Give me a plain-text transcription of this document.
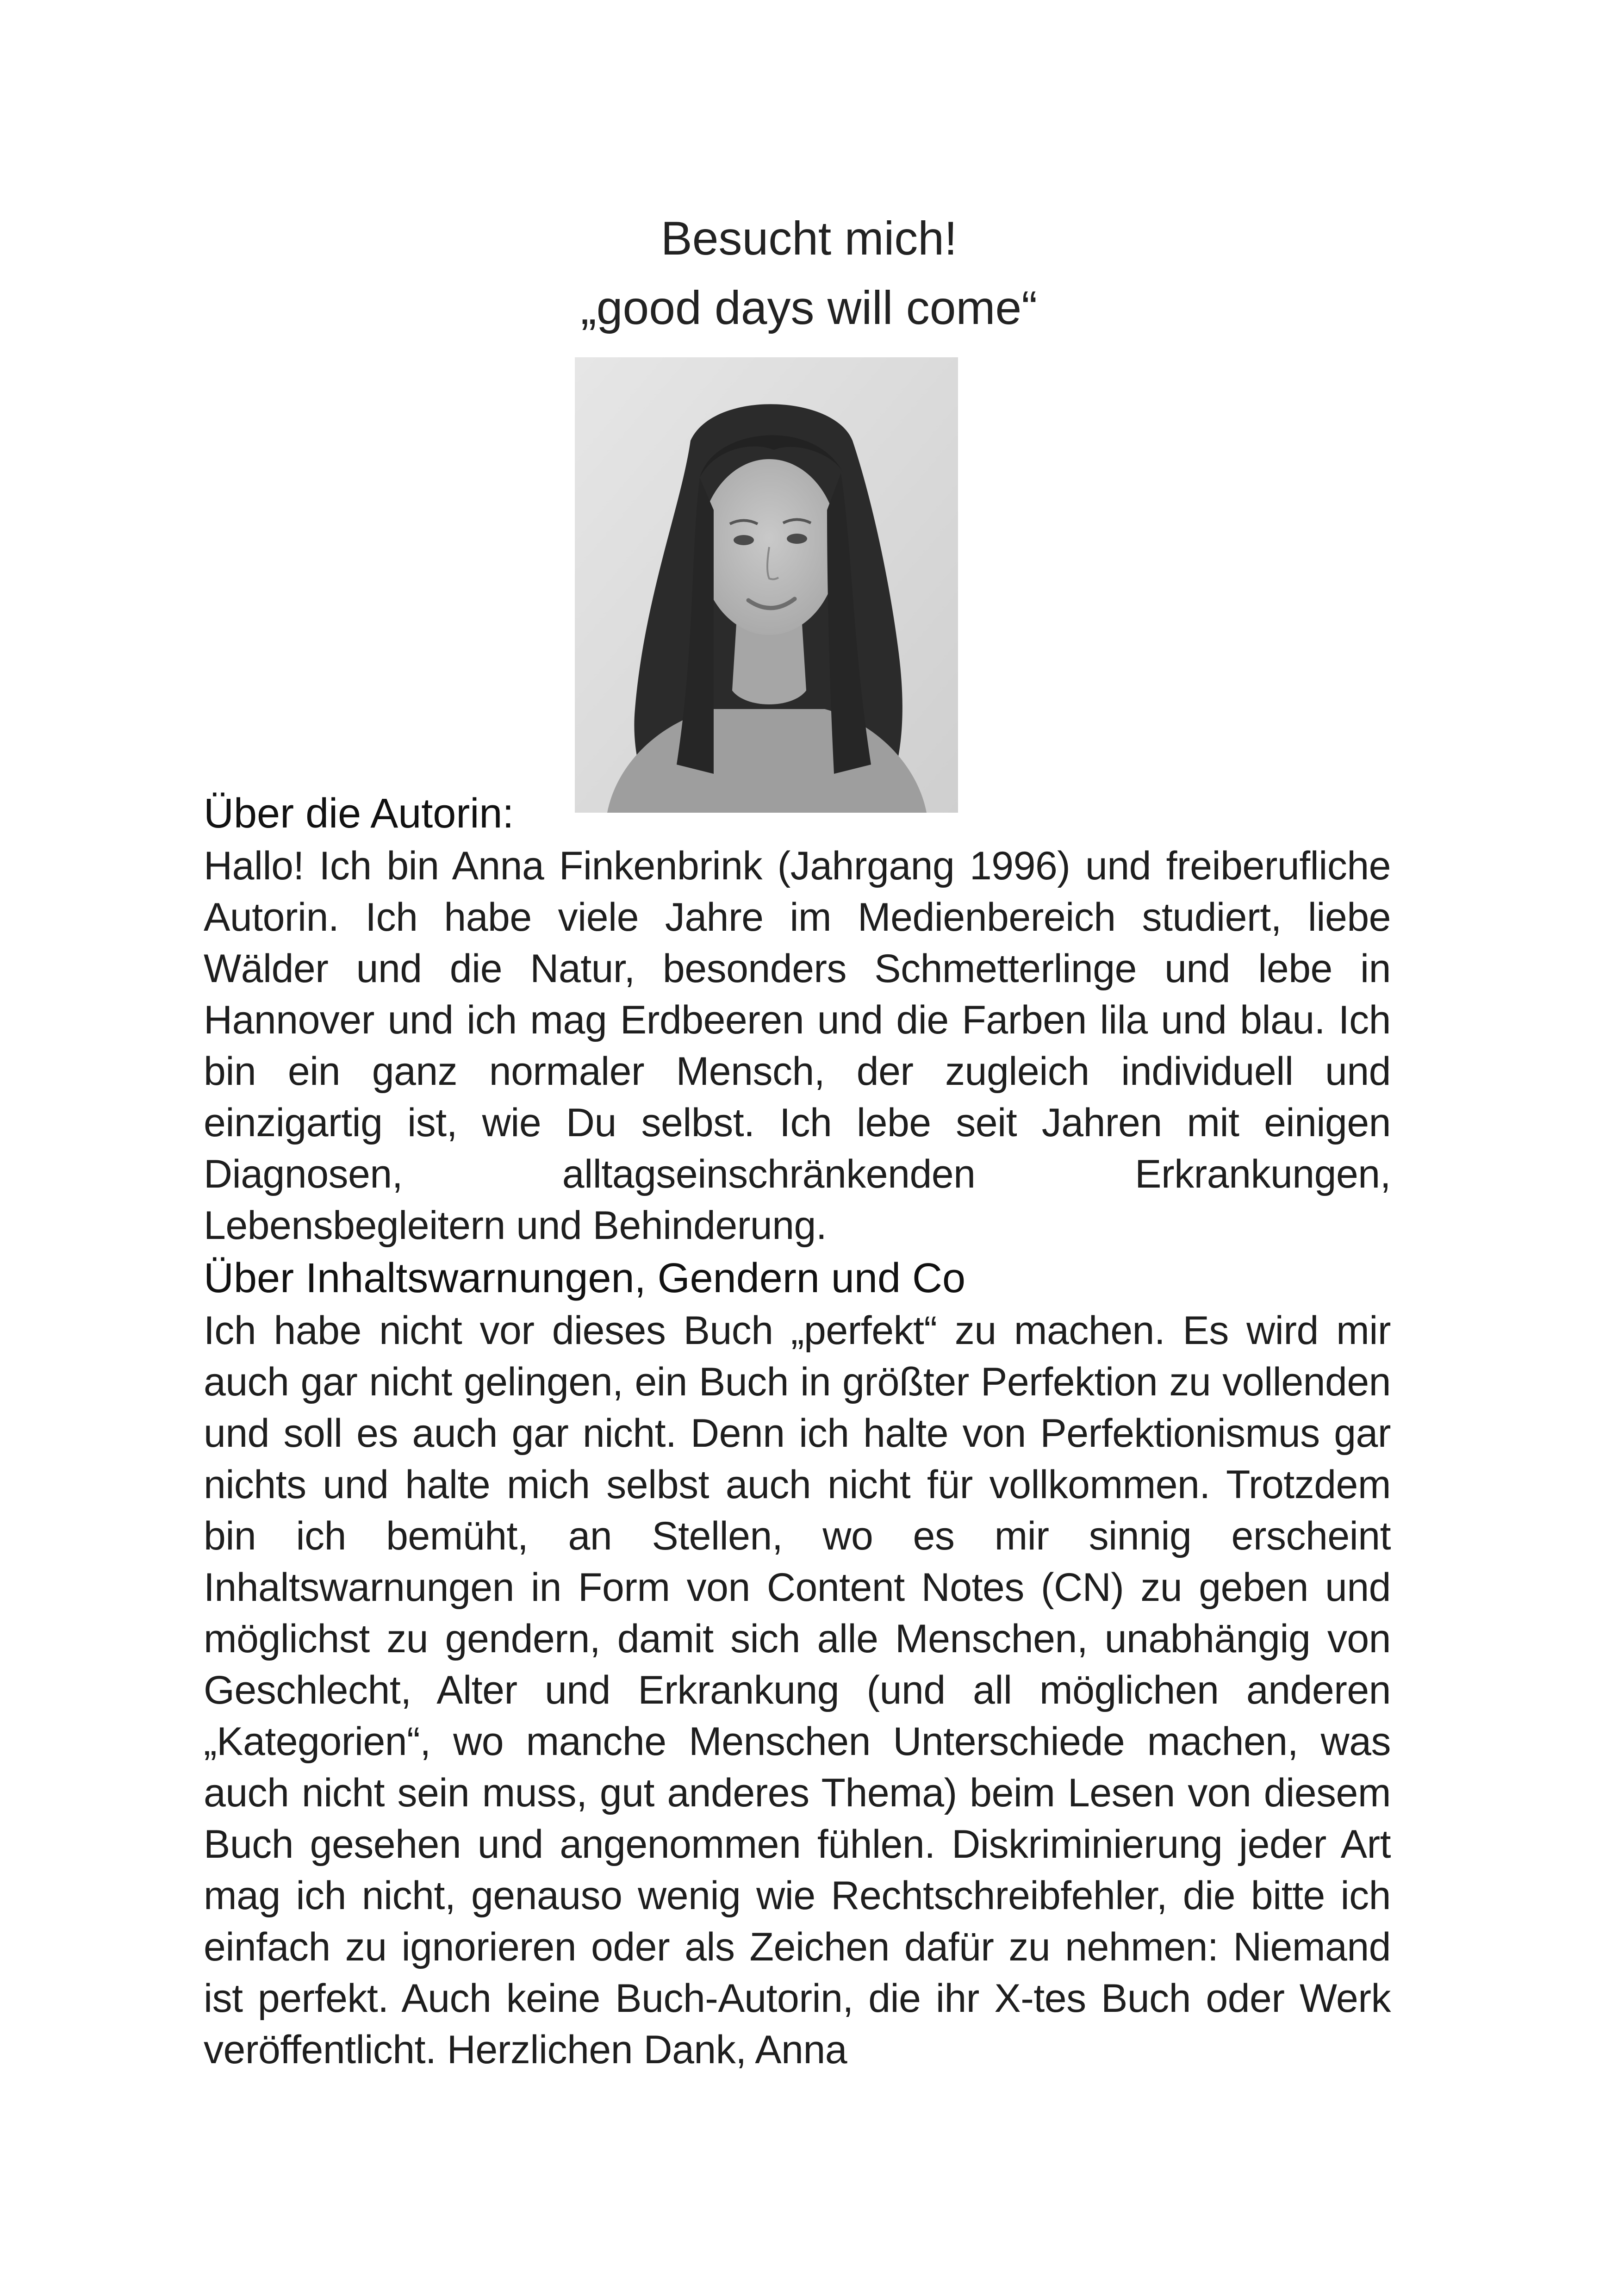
Besucht mich!
„good days will come“
Über die Autorin:

Hallo! Ich bin Anna Finkenbrink (Jahrgang 1996) und freiberufliche Autorin. Ich habe viele Jahre im Medienbereich studiert, liebe Wälder und die Natur, besonders Schmetterlinge und lebe in Hannover und ich mag Erdbeeren und die Farben lila und blau. Ich bin ein ganz normaler Mensch, der zugleich individuell und einzigartig ist, wie Du selbst. Ich lebe seit Jahren mit einigen Diagnosen, alltagseinschränkenden Erkrankungen, Lebensbegleitern und Behinderung.

Über Inhaltswarnungen, Gendern und Co

Ich habe nicht vor dieses Buch „perfekt“ zu machen. Es wird mir auch gar nicht gelingen, ein Buch in größter Perfektion zu vollenden und soll es auch gar nicht. Denn ich halte von Perfektionismus gar nichts und halte mich selbst auch nicht für vollkommen. Trotzdem bin ich bemüht, an Stellen, wo es mir sinnig erscheint Inhaltswarnungen in Form von Content Notes (CN) zu geben und möglichst zu gendern, damit sich alle Menschen, unabhängig von Geschlecht, Alter und Erkrankung (und all möglichen anderen „Kategorien“, wo manche Menschen Unterschiede machen, was auch nicht sein muss, gut anderes Thema) beim Lesen von diesem Buch gesehen und angenommen fühlen. Diskriminierung jeder Art mag ich nicht, genauso wenig wie Rechtschreibfehler, die bitte ich einfach zu ignorieren oder als Zeichen dafür zu nehmen: Niemand ist perfekt. Auch keine Buch-Autorin, die ihr X-tes Buch oder Werk veröffentlicht. Herzlichen Dank, Anna
